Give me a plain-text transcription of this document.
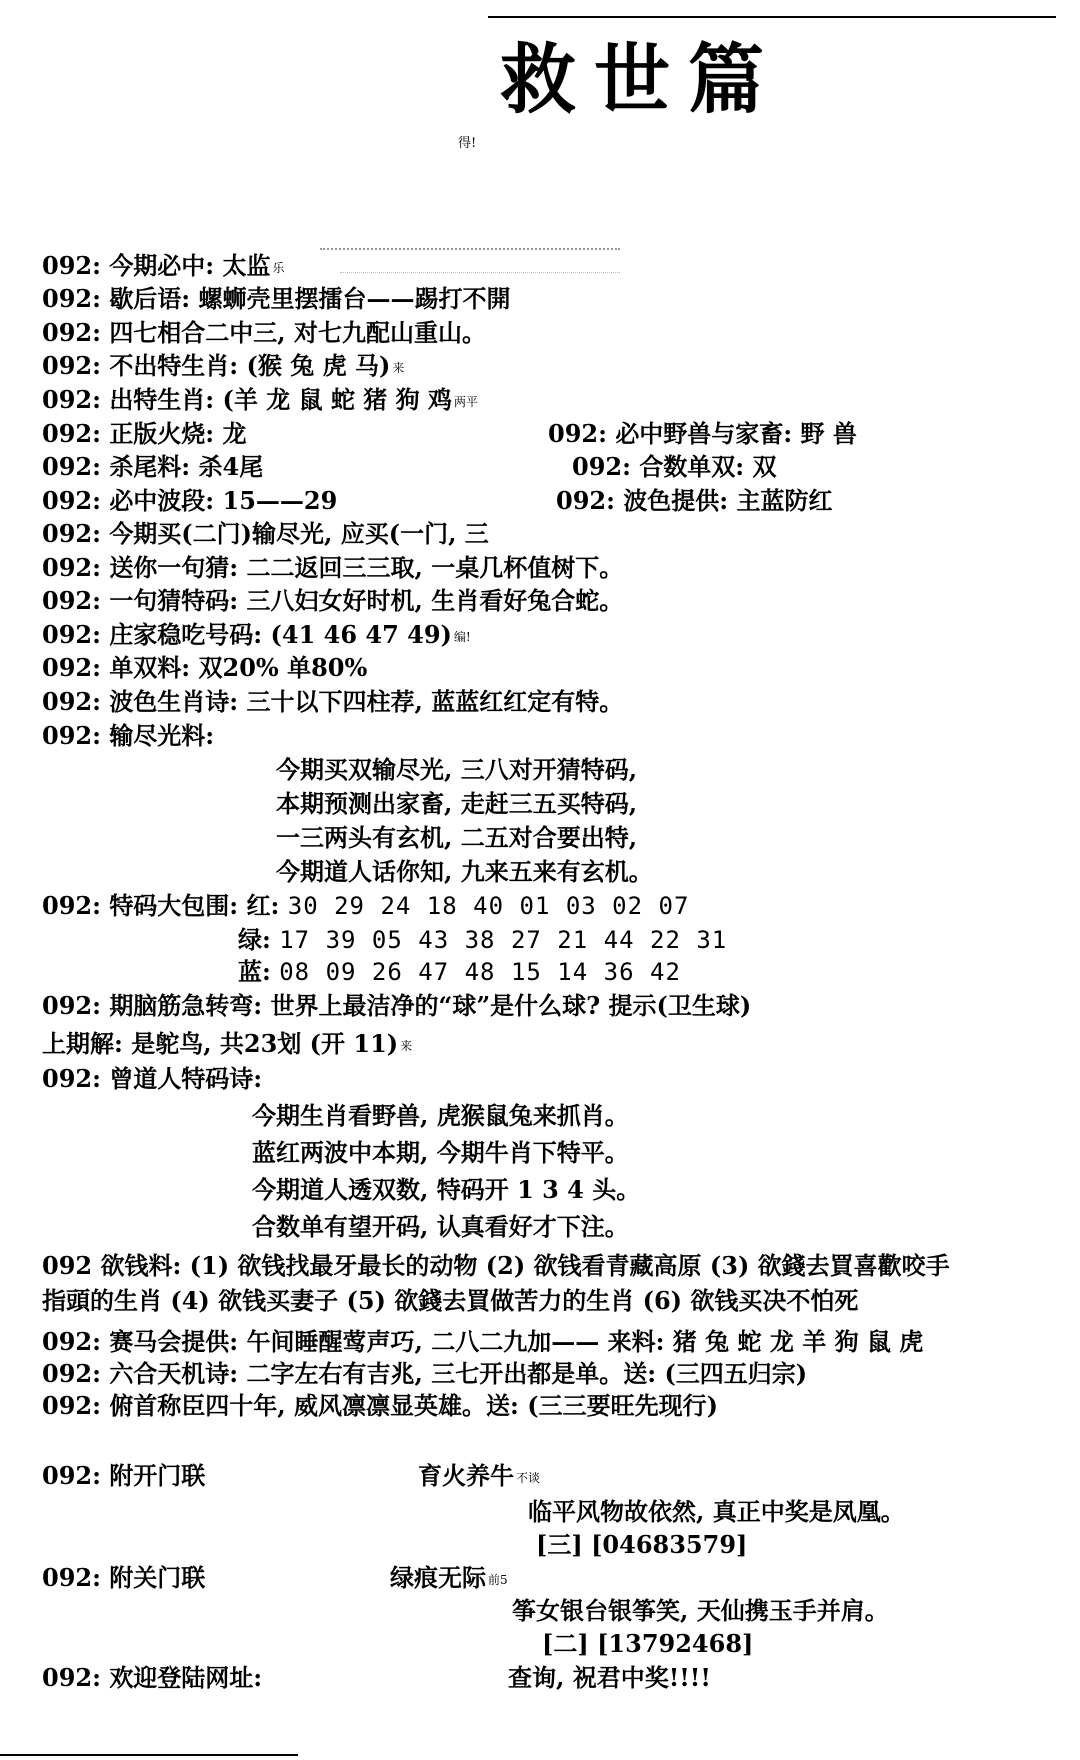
救世篇
得!
092: 今期必中: 太监 乐
092: 歇后语: 螺蛳壳里摆擂台——踢打不開
092: 四七相合二中三, 对七九配山重山。
092: 不出特生肖: (猴 兔 虎 马) 来
092: 出特生肖: (羊 龙 鼠 蛇 猪 狗 鸡 两平
092: 正版火烧: 龙	092: 必中野兽与家畜: 野 兽
092: 杀尾料: 杀4尾	092: 合数单双: 双
092: 必中波段: 15——29	092: 波色提供: 主蓝防红
092: 今期买(二门)输尽光, 应买(一门, 三
092: 送你一句猜: 二二返回三三取, 一桌几杯值树下。
092: 一句猜特码: 三八妇女好时机, 生肖看好兔合蛇。
092: 庄家稳吃号码: (41 46 47 49) 编!
092: 单双料: 双20% 单80%
092: 波色生肖诗: 三十以下四柱荐, 蓝蓝红红定有特。
092: 输尽光料:
今期买双输尽光, 三八对开猜特码,
本期预测出家畜, 走赶三五买特码,
一三两头有玄机, 二五对合要出特,
今期道人话你知, 九来五来有玄机。
092: 特码大包围: 红: 30 29 24 18 40 01 03 02 07
绿: 17 39 05 43 38 27 21 44 22 31
蓝: 08 09 26 47 48 15 14 36 42
092: 期脑筋急转弯: 世界上最洁净的“球”是什么球? 提示(卫生球)
上期解: 是鸵鸟, 共23划 (开 11) 来
092: 曾道人特码诗:
今期生肖看野兽, 虎猴鼠兔来抓肖。
蓝红两波中本期, 今期牛肖下特平。
今期道人透双数, 特码开 1 3 4 头。
合数单有望开码, 认真看好才下注。
092 欲钱料: (1) 欲钱找最牙最长的动物 (2) 欲钱看青藏高原 (3) 欲錢去買喜歡咬手
指頭的生肖 (4) 欲钱买妻子 (5) 欲錢去買做苦力的生肖 (6) 欲钱买决不怕死
092: 赛马会提供: 午间睡醒莺声巧, 二八二九加—— 来料: 猪 兔 蛇 龙 羊 狗 鼠 虎
092: 六合天机诗: 二字左右有吉兆, 三七开出都是单。送: (三四五归宗)
092: 俯首称臣四十年, 威风凛凛显英雄。送: (三三要旺先现行)
092: 附开门联	育火养牛 不谈
临平风物故依然, 真正中奖是凤凰。
[三] [04683579]
092: 附关门联	绿痕无际 前5
筝女银台银筝笑, 天仙携玉手并肩。
[二] [13792468]
092: 欢迎登陆网址:	查询, 祝君中奖!!!!
